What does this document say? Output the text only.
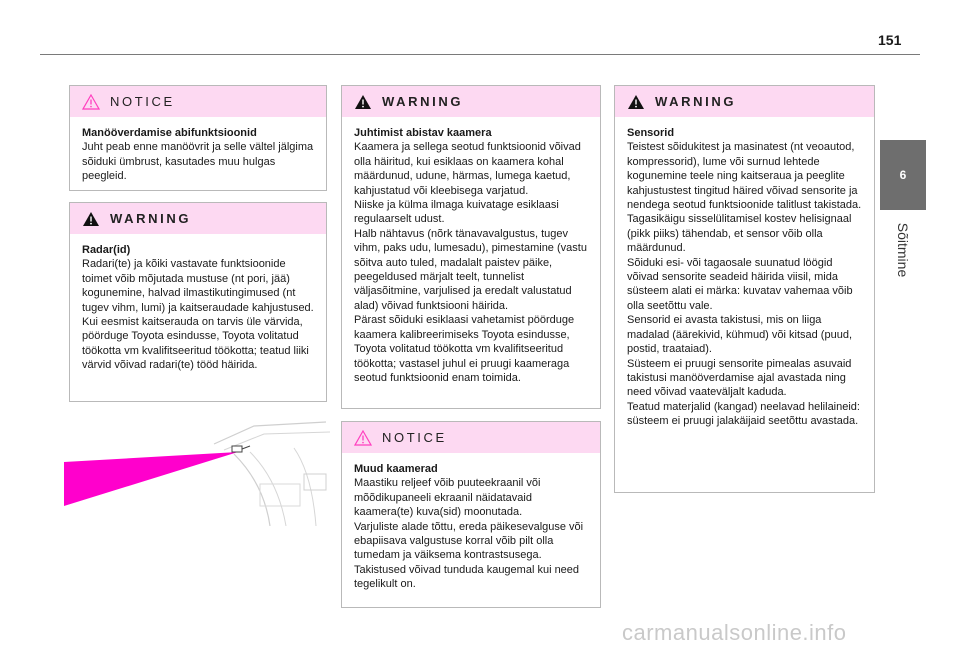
151
6
Sõitmine
NOTICE

Manööverdamise abifunktsioonid

Juht peab enne manöövrit ja selle vältel jälgima sõiduki ümbrust, kasutades muu hulgas peegleid.

WARNING

Radar(id)

Radari(te) ja kõiki vastavate funktsioonide toimet võib mõjutada mustuse (nt pori, jää) kogunemine, halvad ilmastikutingimused (nt tugev vihm, lumi) ja kaitseraudade kahjustused.
Kui eesmist kaitserauda on tarvis üle värvida, pöörduge Toyota esindusse, Toyota volitatud töökotta vm kvalifitseeritud töökotta; teatud liiki värvid võivad radari(te) tööd häirida.

WARNING

Juhtimist abistav kaamera

Kaamera ja sellega seotud funktsioonid võivad olla häiritud, kui esiklaas on kaamera kohal määrdunud, udune, härmas, lumega kaetud, kahjustatud või kleebisega varjatud.
Niiske ja külma ilmaga kuivatage esiklaasi regulaarselt udust.
Halb nähtavus (nõrk tänavavalgustus, tugev vihm, paks udu, lumesadu), pimestamine (vastu sõitva auto tuled, madalalt paistev päike, peegeldused märjalt teelt, tunnelist väljasõitmine, varjulised ja eredalt valustatud alad) võivad funktsiooni häirida.
Pärast sõiduki esiklaasi vahetamist pöörduge kaamera kalibreerimiseks Toyota esindusse, Toyota volitatud töökotta vm kvalifitseeritud töökotta; vastasel juhul ei pruugi kaameraga seotud funktsioonid enam toimida.

NOTICE

Muud kaamerad

Maastiku reljeef võib puuteekraanil või mõõdikupaneeli ekraanil näidatavaid kaamera(te) kuva(sid) moonutada.
Varjuliste alade tõttu, ereda päikesevalguse või ebapiisava valgustuse korral võib pilt olla tumedam ja väiksema kontrastsusega.
Takistused võivad tunduda kaugemal kui need tegelikult on.

WARNING

Sensorid

Teistest sõidukitest ja masinatest (nt veoautod, kompressorid), lume või surnud lehtede kogunemine teele ning kaitseraua ja peeglite kahjustustest tingitud häired võivad sensorite ja nendega seotud funktsioonide talitlust takistada.
Tagasikäigu sisselülitamisel kostev helisignaal (pikk piiks) tähendab, et sensor võib olla määrdunud.
Sõiduki esi- või tagaosale suunatud löögid võivad sensorite seadeid häirida viisil, mida süsteem alati ei märka: kuvatav vahemaa võib olla seetõttu vale.
Sensorid ei avasta takistusi, mis on liiga madalad (äärekivid, kühmud) või kitsad (puud, postid, traataiad).
Süsteem ei pruugi sensorite pimealas asuvaid takistusi manööverdamise ajal avastada ning need võivad vaateväljalt kaduda.
Teatud materjalid (kangad) neelavad helilaineid: süsteem ei pruugi jalakäijaid seetõttu avastada.

carmanualsonline.info
